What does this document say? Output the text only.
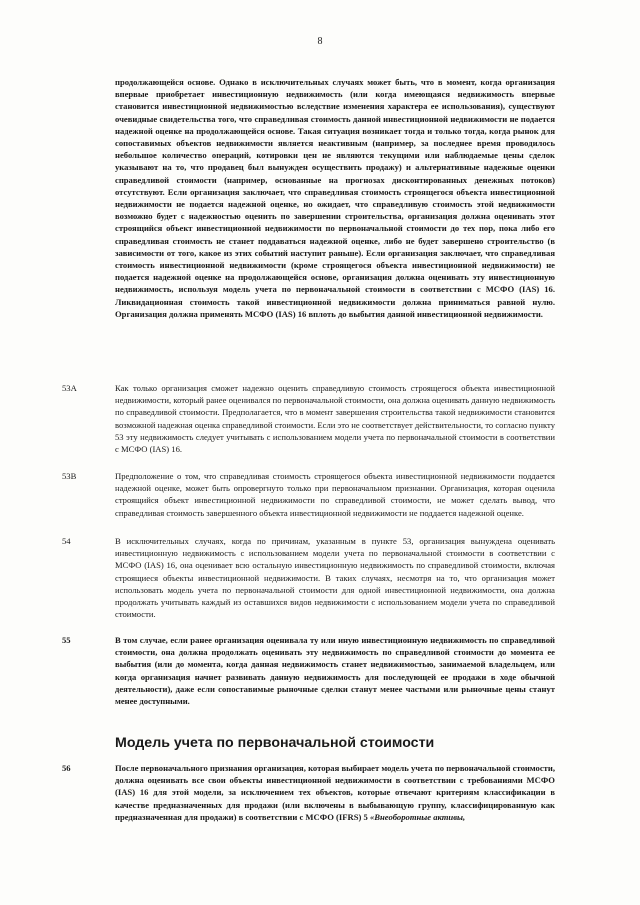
8
продолжающейся основе. Однако в исключительных случаях может быть, что в момент, когда организация впервые приобретает инвестиционную недвижимость (или когда имеющаяся недвижимость впервые становится инвестиционной недвижимостью вследствие изменения характера ее использования), существуют очевидные свидетельства того, что справедливая стоимость данной инвестиционной недвижимости не подается надежной оценке на продолжающейся основе. Такая ситуация возникает тогда и только тогда, когда рынок для сопоставимых объектов недвижимости является неактивным (например, за последнее время проводилось небольшое количество операций, котировки цен не являются текущими или наблюдаемые цены сделок указывают на то, что продавец был вынужден осуществить продажу) и альтернативные надежные оценки справедливой стоимости (например, основанные на прогнозах дисконтированных денежных потоков) отсутствуют. Если организация заключает, что справедливая стоимость строящегося объекта инвестиционной недвижимости не подается надежной оценке, но ожидает, что справедливую стоимость этой недвижимости возможно будет с надежностью оценить по завершении строительства, организация должна оценивать этот строящийся объект инвестиционной недвижимости по первоначальной стоимости до тех пор, пока либо его справедливая стоимость не станет поддаваться надежной оценке, либо не будет завершено строительство (в зависимости от того, какое из этих событий наступит раньше). Если организация заключает, что справедливая стоимость инвестиционной недвижимости (кроме строящегося объекта инвестиционной недвижимости) не подается надежной оценке на продолжающейся основе, организация должна оценивать эту инвестиционную недвижимость, используя модель учета по первоначальной стоимости в соответствии с МСФО (IAS) 16. Ликвидационная стоимость такой инвестиционной недвижимости должна приниматься равной нулю. Организация должна применять МСФО (IAS) 16 вплоть до выбытия данной инвестиционной недвижимости.
53A	Как только организация сможет надежно оценить справедливую стоимость строящегося объекта инвестиционной недвижимости, который ранее оценивался по первоначальной стоимости, она должна оценивать данную недвижимость по справедливой стоимости. Предполагается, что в момент завершения строительства такой недвижимости становится возможной надежная оценка справедливой стоимости. Если это не соответствует действительности, то согласно пункту 53 эту недвижимость следует учитывать с использованием модели учета по первоначальной стоимости в соответствии с МСФО (IAS) 16.
53B	Предположение о том, что справедливая стоимость строящегося объекта инвестиционной недвижимости поддается надежной оценке, может быть опровергнуто только при первоначальном признании. Организация, которая оценила строящийся объект инвестиционной недвижимости по справедливой стоимости, не может сделать вывод, что справедливая стоимость завершенного объекта инвестиционной недвижимости не поддается надежной оценке.
54	В исключительных случаях, когда по причинам, указанным в пункте 53, организация вынуждена оценивать инвестиционную недвижимость с использованием модели учета по первоначальной стоимости в соответствии с МСФО (IAS) 16, она оценивает всю остальную инвестиционную недвижимость по справедливой стоимости, включая строящиеся объекты инвестиционной недвижимости. В таких случаях, несмотря на то, что организация может использовать модель учета по первоначальной стоимости для одной инвестиционной недвижимости, она должна продолжать учитывать каждый из оставшихся видов недвижимости с использованием модели учета по справедливой стоимости.
55	В том случае, если ранее организация оценивала ту или иную инвестиционную недвижимость по справедливой стоимости, она должна продолжать оценивать эту недвижимость по справедливой стоимости до момента ее выбытия (или до момента, когда данная недвижимость станет недвижимостью, занимаемой владельцем, или когда организация начнет развивать данную недвижимость для последующей ее продажи в ходе обычной деятельности), даже если сопоставимые рыночные сделки станут менее частыми или рыночные цены станут менее доступными.
Модель учета по первоначальной стоимости
56	После первоначального признания организация, которая выбирает модель учета по первоначальной стоимости, должна оценивать все свои объекты инвестиционной недвижимости в соответствии с требованиями МСФО (IAS) 16 для этой модели, за исключением тех объектов, которые отвечают критериям классификации в качестве предназначенных для продажи (или включены в выбывающую группу, классифицированную как предназначенная для продажи) в соответствии с МСФО (IFRS) 5 «Внеоборотные активы,
